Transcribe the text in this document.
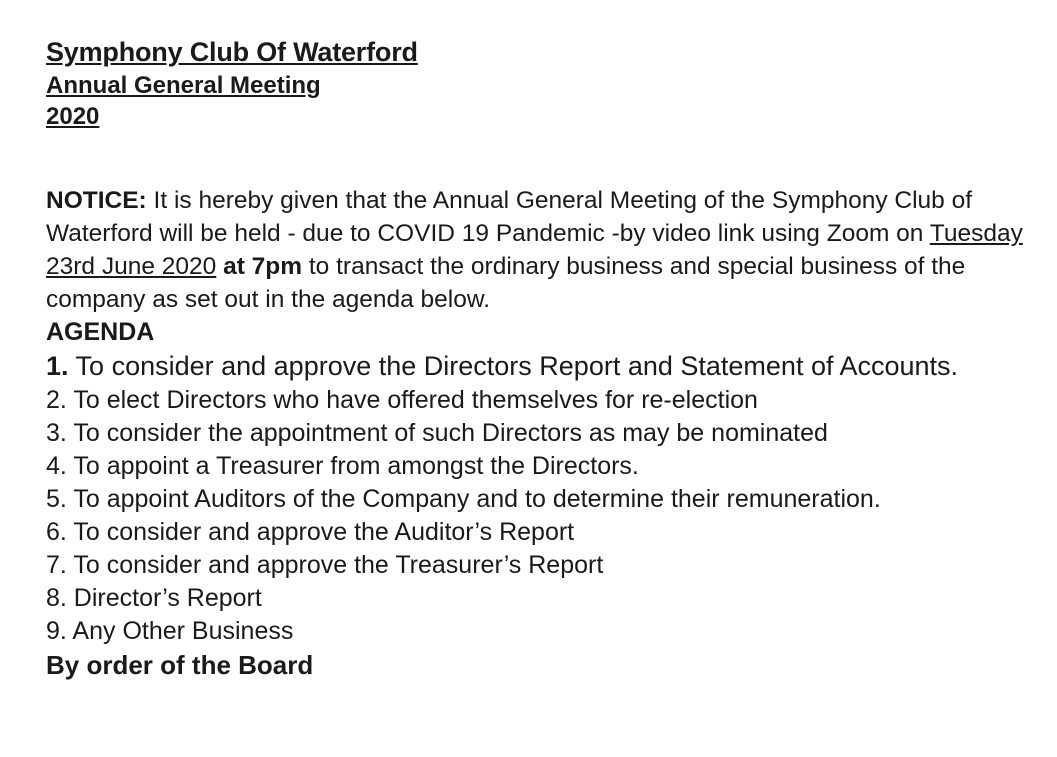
Symphony Club Of Waterford
Annual General Meeting
2020
NOTICE: It is hereby given that the Annual General Meeting of the Symphony Club of Waterford will be held - due to COVID 19 Pandemic -by video link using Zoom on Tuesday 23rd June 2020 at 7pm to transact the ordinary business and special business of the company as set out in the agenda below.
AGENDA
1. To consider and approve the Directors Report and Statement of Accounts.
2. To elect Directors who have offered themselves for re-election
3. To consider the appointment of such Directors as may be nominated
4. To appoint a Treasurer from amongst the Directors.
5. To appoint Auditors of the Company and to determine their remuneration.
6. To consider and approve the Auditor’s Report
7. To consider and approve the Treasurer’s Report
8. Director’s Report
9. Any Other Business
By order of the Board
